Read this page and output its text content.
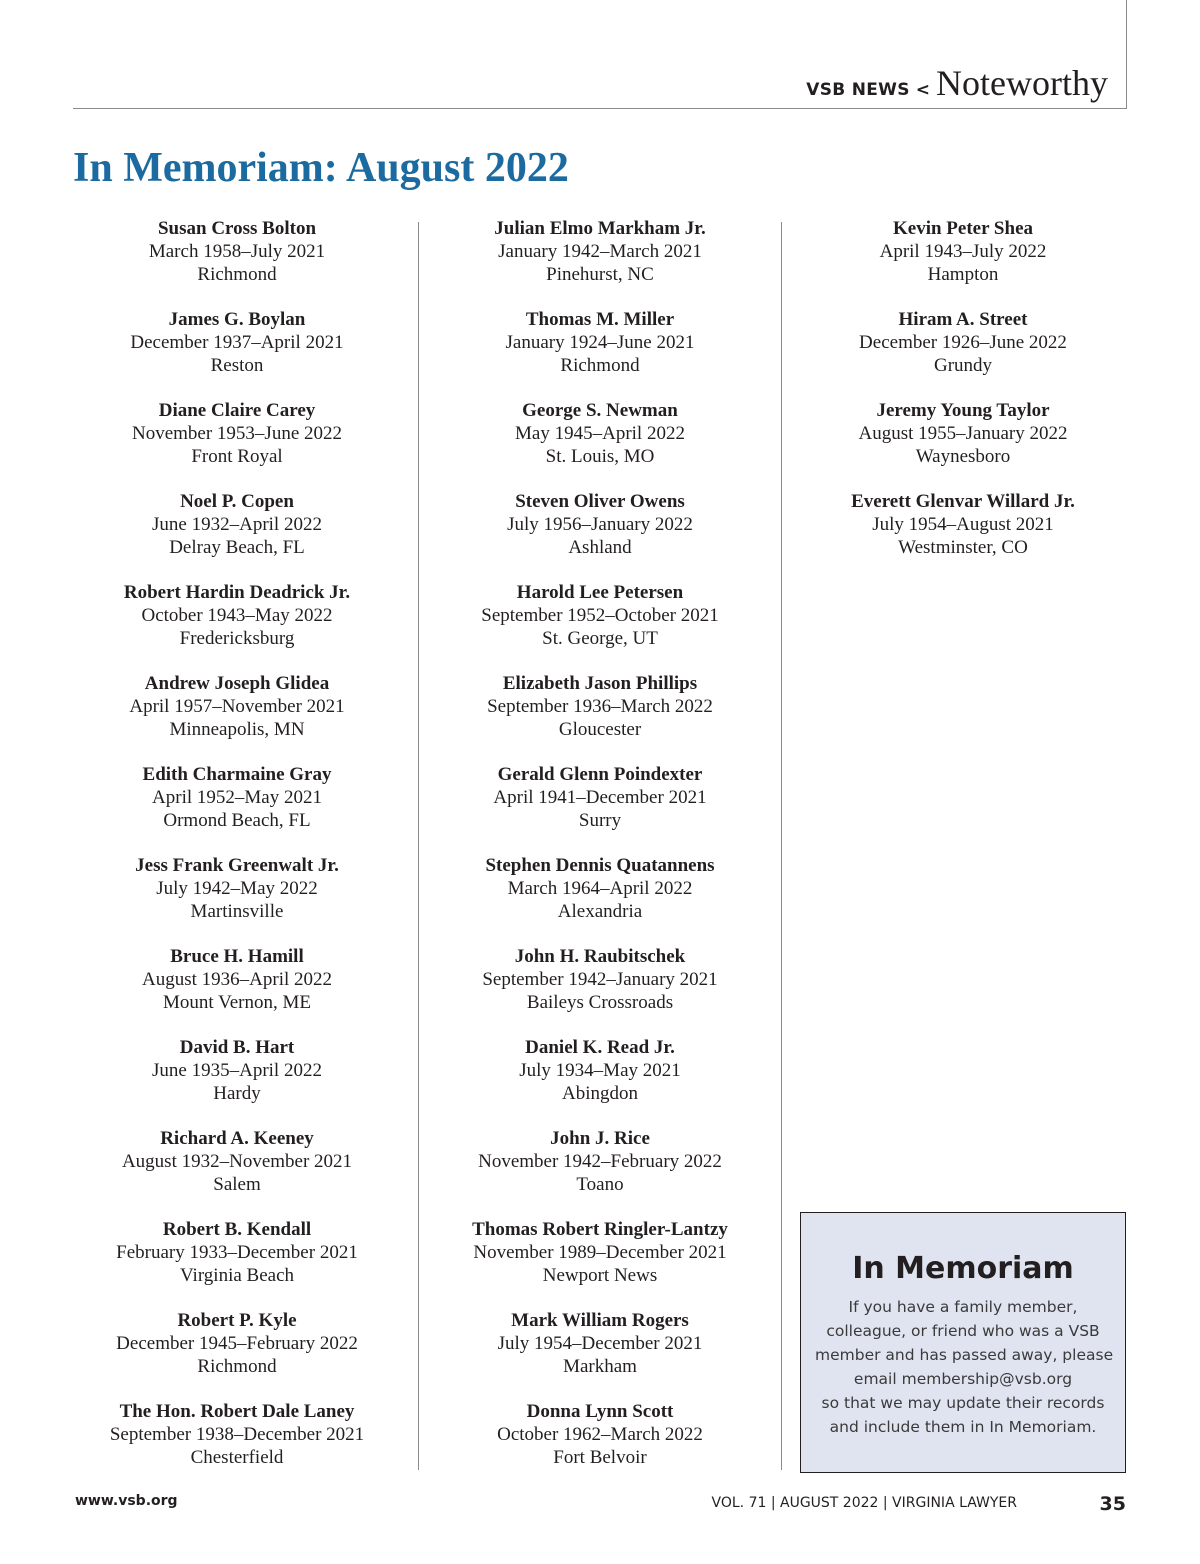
VSB NEWS < Noteworthy
In Memoriam: August 2022
Susan Cross Bolton
March 1958–July 2021
Richmond
James G. Boylan
December 1937–April 2021
Reston
Diane Claire Carey
November 1953–June 2022
Front Royal
Noel P. Copen
June 1932–April 2022
Delray Beach, FL
Robert Hardin Deadrick Jr.
October 1943–May 2022
Fredericksburg
Andrew Joseph Glidea
April 1957–November 2021
Minneapolis, MN
Edith Charmaine Gray
April 1952–May 2021
Ormond Beach, FL
Jess Frank Greenwalt Jr.
July 1942–May 2022
Martinsville
Bruce H. Hamill
August 1936–April 2022
Mount Vernon, ME
David B. Hart
June 1935–April 2022
Hardy
Richard A. Keeney
August 1932–November 2021
Salem
Robert B. Kendall
February 1933–December 2021
Virginia Beach
Robert P. Kyle
December 1945–February 2022
Richmond
The Hon. Robert Dale Laney
September 1938–December 2021
Chesterfield
Julian Elmo Markham Jr.
January 1942–March 2021
Pinehurst, NC
Thomas M. Miller
January 1924–June 2021
Richmond
George S. Newman
May 1945–April 2022
St. Louis, MO
Steven Oliver Owens
July 1956–January 2022
Ashland
Harold Lee Petersen
September 1952–October 2021
St. George, UT
Elizabeth Jason Phillips
September 1936–March 2022
Gloucester
Gerald Glenn Poindexter
April 1941–December 2021
Surry
Stephen Dennis Quatannens
March 1964–April 2022
Alexandria
John H. Raubitschek
September 1942–January 2021
Baileys Crossroads
Daniel K. Read Jr.
July 1934–May 2021
Abingdon
John J. Rice
November 1942–February 2022
Toano
Thomas Robert Ringler-Lantzy
November 1989–December 2021
Newport News
Mark William Rogers
July 1954–December 2021
Markham
Donna Lynn Scott
October 1962–March 2022
Fort Belvoir
Kevin Peter Shea
April 1943–July 2022
Hampton
Hiram A. Street
December 1926–June 2022
Grundy
Jeremy Young Taylor
August 1955–January 2022
Waynesboro
Everett Glenvar Willard Jr.
July 1954–August 2021
Westminster, CO
In Memoriam
If you have a family member,
colleague, or friend who was a VSB
member and has passed away, please
email membership@vsb.org
so that we may update their records
and include them in In Memoriam.
www.vsb.org	VOL. 71 | AUGUST 2022 | VIRGINIA LAWYER	35
